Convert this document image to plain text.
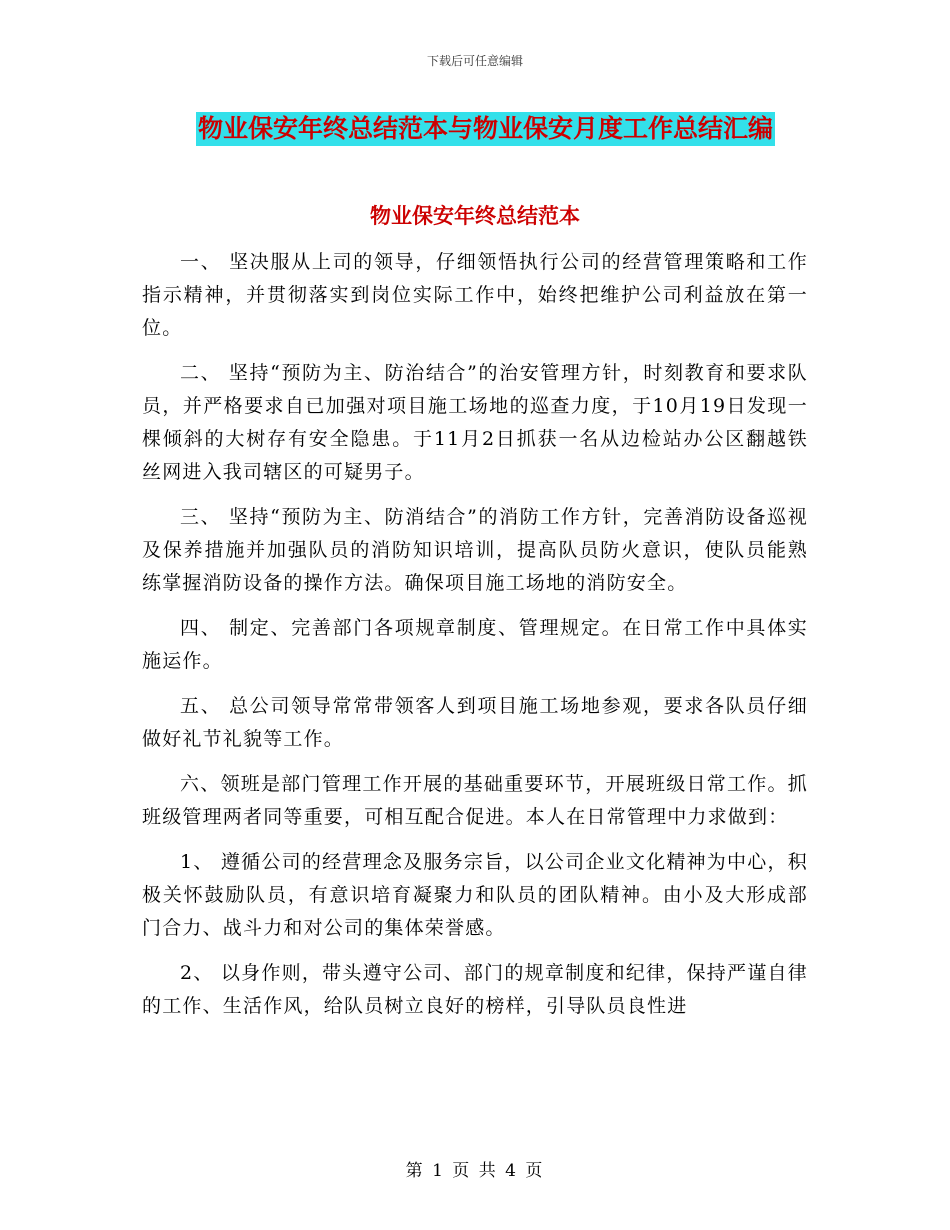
下载后可任意编辑
物业保安年终总结范本与物业保安月度工作总结汇编
物业保安年终总结范本

一、 坚决服从上司的领导，仔细领悟执行公司的经营管理策略和工作 指示精神，并贯彻落实到岗位实际工作中，始终把维护公司利益放在第一位。

二、 坚持“预防为主、防治结合”的治安管理方针，时刻教育和要求队员，并严格要求自已加强对项目施工场地的巡查力度，于10月19日发现一棵倾斜的大树存有安全隐患。于11月2日抓获一名从边检站办公区翻越铁丝网进入我司辖区的可疑男子。

三、 坚持“预防为主、防消结合”的消防工作方针，完善消防设备巡视及保养措施并加强队员的消防知识培训，提高队员防火意识，使队员能熟练掌握消防设备的操作方法。确保项目施工场地的消防安全。

四、 制定、完善部门各项规章制度、管理规定。在日常工作中具体实施运作。

五、 总公司领导常常带领客人到项目施工场地参观，要求各队员仔细做好礼节礼貌等工作。

六、领班是部门管理工作开展的基础重要环节，开展班级日常工作。抓班级管理两者同等重要，可相互配合促进。本人在日常管理中力求做到：

1、 遵循公司的经营理念及服务宗旨，以公司企业文化精神为中心，积极关怀鼓励队员，有意识培育凝聚力和队员的团队精神。由小及大形成部门合力、战斗力和对公司的集体荣誉感。

2、 以身作则，带头遵守公司、部门的规章制度和纪律，保持严谨自律的工作、生活作风，给队员树立良好的榜样，引导队员良性进

第 1 页 共 4 页
